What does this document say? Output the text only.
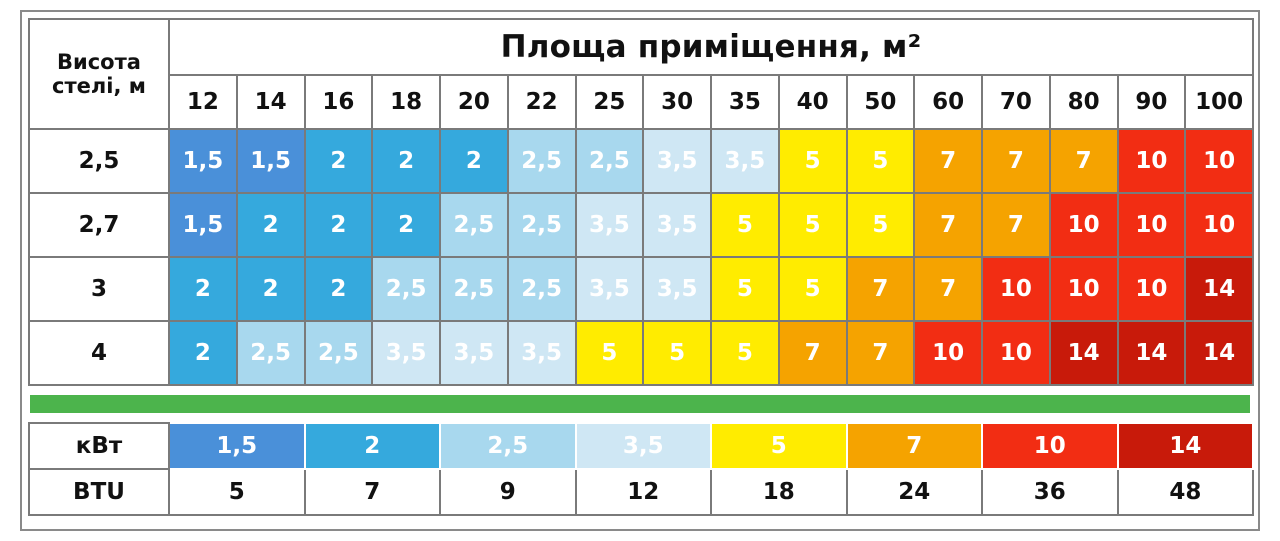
Висота стелі, м	Площа приміщення, м²															
	12	14	16	18	20	22	25	30	35	40	50	60	70	80	90	100
2,5	1,5	1,5	2	2	2	2,5	2,5	3,5	3,5	5	5	7	7	7	10	10
2,7	1,5	2	2	2	2,5	2,5	3,5	3,5	5	5	5	7	7	10	10	10
3	2	2	2	2,5	2,5	2,5	3,5	3,5	5	5	7	7	10	10	10	14
4	2	2,5	2,5	3,5	3,5	3,5	5	5	5	7	7	10	10	14	14	14
кВт	1,5	2	2,5	3,5	5	7	10	14
BTU	5	7	9	12	18	24	36	48
